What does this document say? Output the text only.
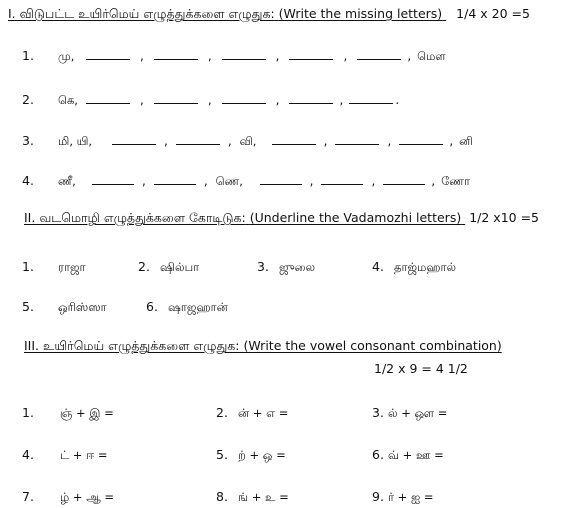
I. விடுபட்ட உயிர்மெய் எழுத்துக்களை எழுதுக: (Write the missing letters) 1/4 x 20 =5
1.	மு,	,	,	,	,	, மௌ
2.	கெ,	,	,	,	,	.
3.	மி, யி,	,	, வி,	,	,	, னி
4.	ணீ,	,	, ணெ,	,	,	, ணோ
II. வடமொழி எழுத்துக்களை கோடிடுக: (Underline the Vadamozhi letters) 1/2 x10 =5
1. ராஜா	2. ஷில்பா	3. ஜுலை	4. தாஜ்மஹால்
5. ஒரிஸ்ஸா	6. ஷாஜஹான்
III. உயிர்மெய் எழுத்துக்களை எழுதுக: (Write the vowel consonant combination)
1/2 x 9 = 4 1/2
1. ஞ் + இ =	2. ன் + எ =	3. ல் + ஔ =
4. ட் + ஈ =	5. ற் + ஒ =	6. வ் + ஊ =
7. ழ் + ஆ =	8. ங் + உ =	9. ர் + ஐ =
